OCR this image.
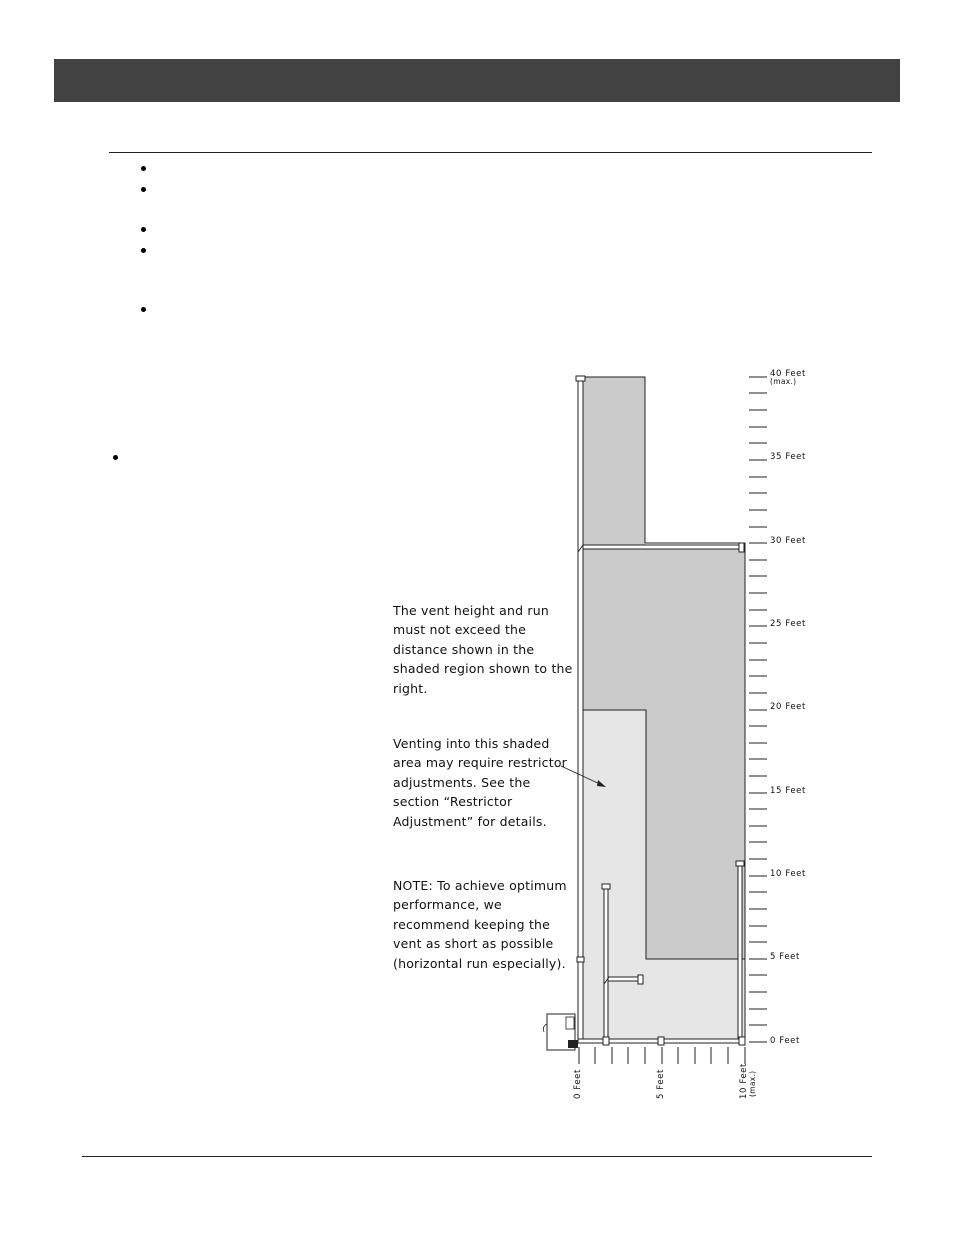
The vent height and run
must not exceed the
distance shown in the
shaded region shown to the
right.
Venting into this shaded
area may require restrictor
adjustments. See the
section “Restrictor
Adjustment” for details.
NOTE: To achieve optimum
performance, we
recommend keeping the
vent as short as possible
(horizontal run especially).
40 Feet
(max.)
35 Feet
30 Feet
25 Feet
20 Feet
15 Feet
10 Feet
5 Feet
0 Feet
0 Feet	5 Feet	10 Feet (max.)
